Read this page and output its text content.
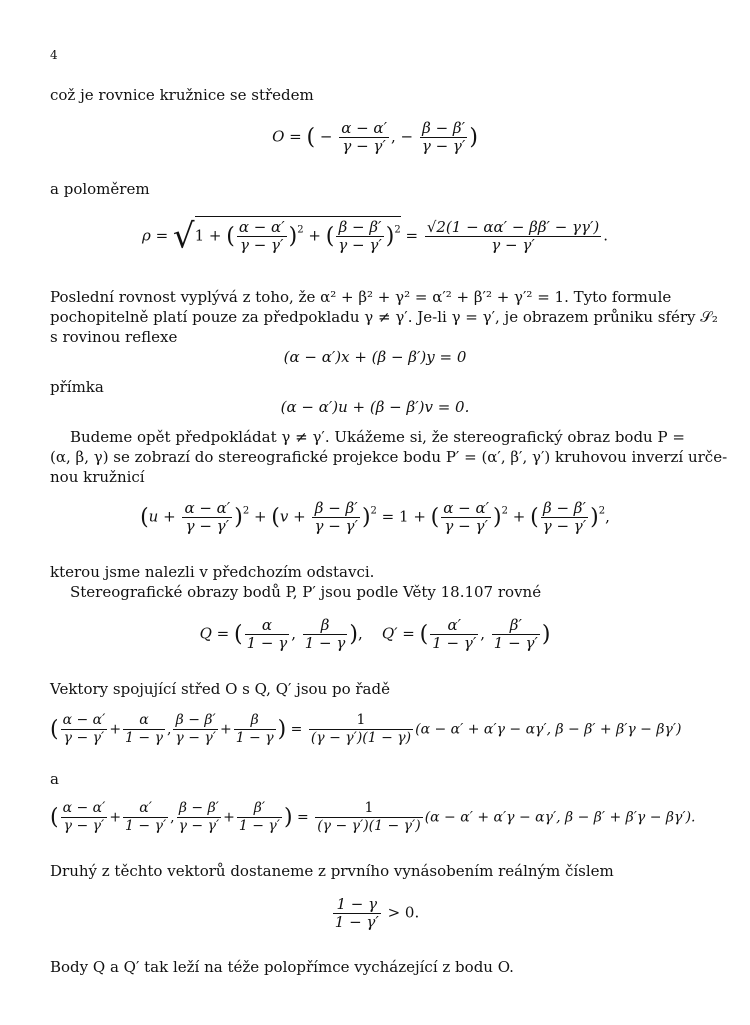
4
což je rovnice kružnice se středem
O = ( − $\frac{\alpha - \alpha'}{\gamma - \gamma'}$ , − $\frac{\beta - \beta'}{\gamma - \gamma'}$ )
a poloměrem
ρ = √1 + ( $\frac{\alpha - \alpha'}{\gamma - \gamma'} )^2$ + ( $\frac{\beta - \beta'}{\gamma - \gamma'} )^2 = \frac{√2(1 - \alpha\alpha' - \beta\beta' - \gamma\gamma')}{\gamma - \gamma'}$ .
Poslední rovnost vyplývá z toho, že α² + β² + γ² = α′² + β′² + γ′² = 1. Tyto formule
pochopitelně platí pouze za předpokladu γ ≠ γ′. Je-li γ = γ′, je obrazem průniku sféry 𝒮₂
s rovinou reflexe
(α − α′)x + (β − β′)y = 0
přímka
(α − α′)u + (β − β′)v = 0.
Budeme opět předpokládat γ ≠ γ′. Ukážeme si, že stereografický obraz bodu P =
(α, β, γ) se zobrazí do stereografické projekce bodu P′ = (α′, β′, γ′) kruhovou inverzí urče-
nou kružnicí
$(u + \frac{\alpha - \alpha'}{\gamma - \gamma'} )^2 + (v + \frac{\beta - \beta'}{\gamma - \gamma'} )^2 = 1$ + ( $\frac{\alpha - \alpha'}{\gamma - \gamma'} )^2$ + ( $\frac{\beta - \beta'}{\gamma - \gamma'} )^2$,
kterou jsme nalezli v předchozím odstavci.
Stereografické obrazy bodů P, P′ jsou podle Věty 18.107 rovné
Q = ( $\frac{\alpha}{1 - \gamma}$ , $\frac{\beta}{1 - \gamma}$ ),    Q′ = ( $\frac{\alpha'}{1 - \gamma'}$ , $\frac{\beta'}{1 - \gamma'}$ )
Vektory spojující střed O s Q, Q′ jsou po řadě
( $\frac{\alpha - \alpha'}{\gamma - \gamma'} + \frac{\alpha}{1 - \gamma}$ , $\frac{\beta - \beta'}{\gamma - \gamma'} + \frac{\beta}{1 - \gamma}$ ) = $\frac{1}{(\gamma - \gamma')(1 - \gamma)} (\alpha - \alpha' + \alpha'\gamma - \alpha\gamma'$, β − β′ + β′γ − βγ′)
a
( $\frac{\alpha - \alpha'}{\gamma - \gamma'} + \frac{\alpha'}{1 - \gamma'}$ , $\frac{\beta - \beta'}{\gamma - \gamma'} + \frac{\beta'}{1 - \gamma'}$ ) = $\frac{1}{(\gamma - \gamma')(1 - \gamma')} (\alpha - \alpha' + \alpha'\gamma - \alpha\gamma'$, β − β′ + β′γ − βγ′).
Druhý z těchto vektorů dostaneme z prvního vynásobením reálným číslem
$\frac{1 - \gamma}{1 - \gamma'} > 0$.
Body Q a Q′ tak leží na téže polopřímce vycházející z bodu O.
